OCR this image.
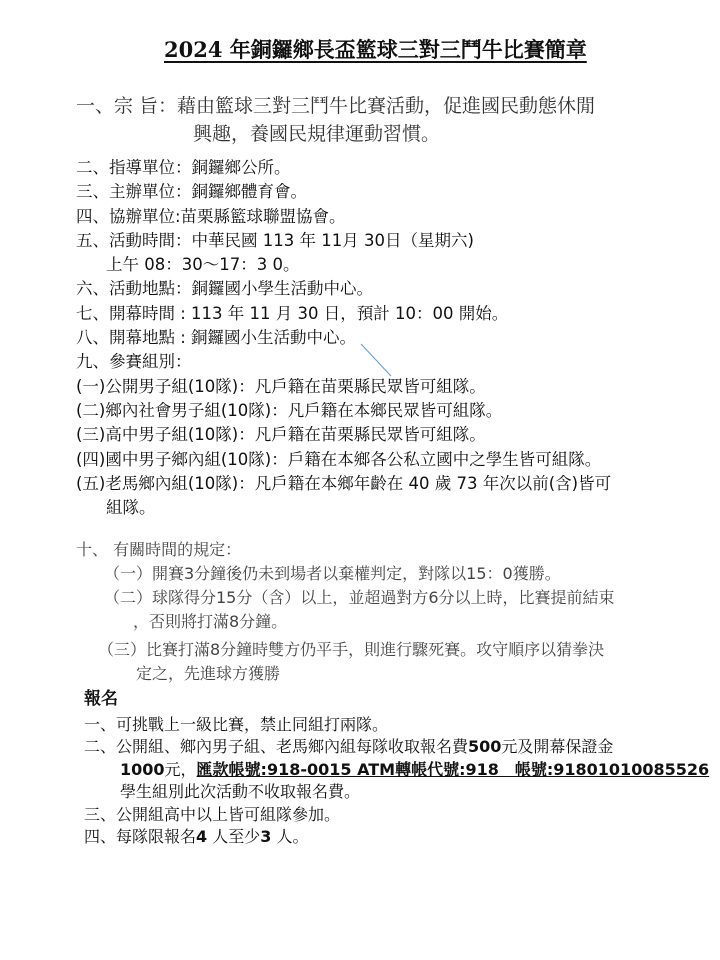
2024 年銅鑼鄉長盃籃球三對三鬥牛比賽簡章
一、宗 旨：藉由籃球三對三鬥牛比賽活動，促進國民動態休閒
興趣，養國民規律運動習慣。
二、指導單位：銅鑼鄉公所。
三、主辦單位：銅鑼鄉體育會。
四、協辦單位:苗栗縣籃球聯盟協會。
五、活動時間：中華民國 113 年 11月 30日（星期六)
上午 08：30～17：3 0。
六、活動地點：銅鑼國小學生活動中心。
七、開幕時間 : 113 年 11 月 30 日，預計 10：00 開始。
八、開幕地點 : 銅鑼國小生活動中心。
九、參賽組別：
(一)公開男子組(10隊)：凡戶籍在苗栗縣民眾皆可組隊。
(二)鄉內社會男子組(10隊)：凡戶籍在本鄉民眾皆可組隊。
(三)高中男子組(10隊)：凡戶籍在苗栗縣民眾皆可組隊。
(四)國中男子鄉內組(10隊)：戶籍在本鄉各公私立國中之學生皆可組隊。
(五)老馬鄉內組(10隊)：凡戶籍在本鄉年齡在 40 歲 73 年次以前(含)皆可
組隊。
十、 有關時間的規定：
（一）開賽3分鐘後仍未到場者以棄權判定，對隊以15：0獲勝。
（二）球隊得分15分（含）以上，並超過對方6分以上時，比賽提前結束
，否則將打滿8分鐘。
（三）比賽打滿8分鐘時雙方仍平手，則進行驟死賽。攻守順序以猜拳決
定之，先進球方獲勝
報名
一、可挑戰上一級比賽，禁止同組打兩隊。
二、公開組、鄉內男子組、老馬鄉內組每隊收取報名費500元及開幕保證金
1000元，匯款帳號:918-0015 ATM轉帳代號:918　帳號:91801010085526
學生組別此次活動不收取報名費。
三、公開組高中以上皆可組隊參加。
四、每隊限報名4 人至少3 人。
